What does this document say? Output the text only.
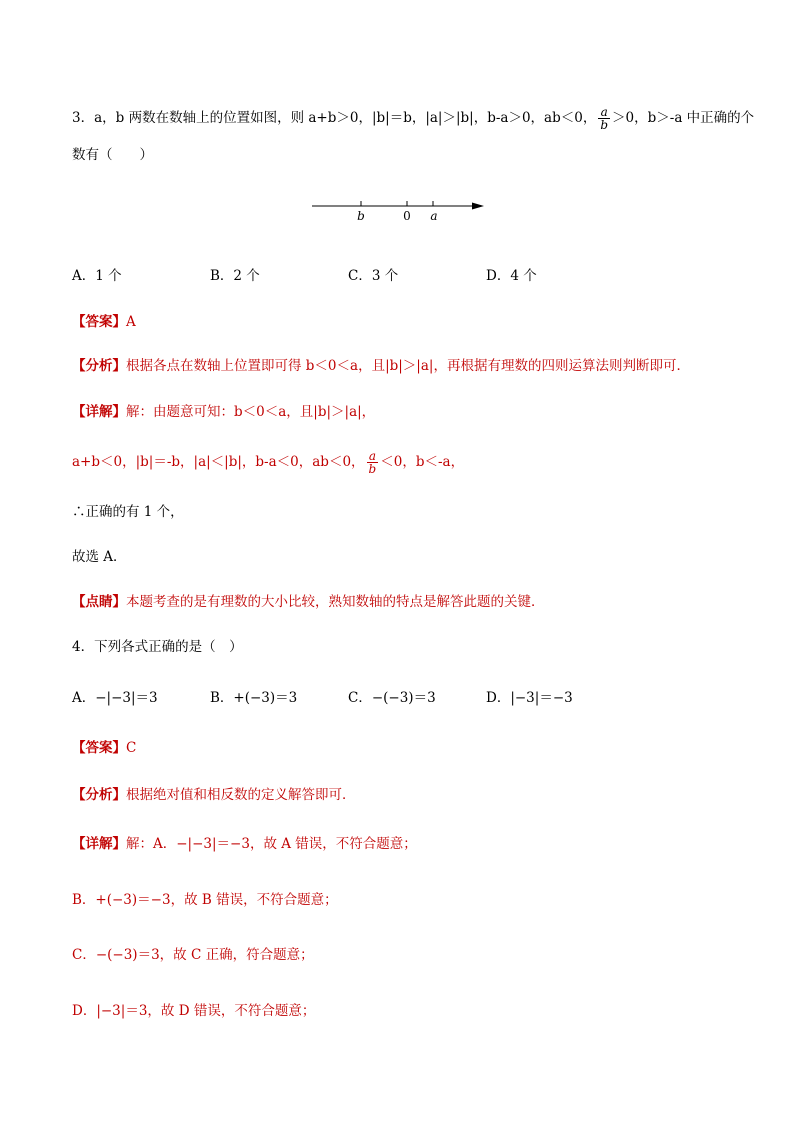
3．a，b 两数在数轴上的位置如图，则 a+b＞0，|b|＝b，|a|＞|b|，b-a＞0，ab＜0， $\frac{a}{b} >0$，b＞-a 中正确的个
数有（　　）
b	0 a
A．1 个	B．2 个	C．3 个	D．4 个
【答案】A
【分析】根据各点在数轴上位置即可得 b＜0＜a，且|b|＞|a|，再根据有理数的四则运算法则判断即可．
【详解】解：由题意可知：b＜0＜a，且|b|＞|a|，
a+b＜0，|b|＝-b，|a|＜|b|，b-a＜0，ab＜0， $\frac{a}{b} <0$，b＜-a，
∴正确的有 1 个，
故选 A．
【点睛】本题考查的是有理数的大小比较，熟知数轴的特点是解答此题的关键．
4．下列各式正确的是（　）
A．−|−3|＝3	B．+(−3)＝3	C．−(−3)＝3	D．|−3|＝−3
【答案】C
【分析】根据绝对值和相反数的定义解答即可．
【详解】解：A．−|−3|＝−3，故 A 错误，不符合题意；
B．+(−3)＝−3，故 B 错误，不符合题意；
C．−(−3)＝3，故 C 正确，符合题意；
D．|−3|＝3，故 D 错误，不符合题意；
